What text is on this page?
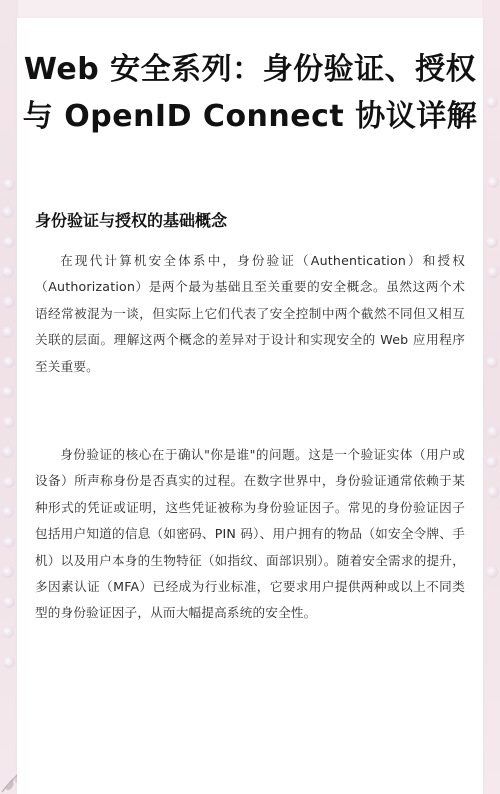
Web 安全系列：身份验证、授权与 OpenID Connect 协议详解
身份验证与授权的基础概念

在现代计算机安全体系中，身份验证（Authentication）和授权（Authorization）是两个最为基础且至关重要的安全概念。虽然这两个术语经常被混为一谈，但实际上它们代表了安全控制中两个截然不同但又相互关联的层面。理解这两个概念的差异对于设计和实现安全的 Web 应用程序至关重要。

身份验证的核心在于确认"你是谁"的问题。这是一个验证实体（用户或设备）所声称身份是否真实的过程。在数字世界中，身份验证通常依赖于某种形式的凭证或证明，这些凭证被称为身份验证因子。常见的身份验证因子包括用户知道的信息（如密码、PIN 码）、用户拥有的物品（如安全令牌、手机）以及用户本身的生物特征（如指纹、面部识别）。随着安全需求的提升，多因素认证（MFA）已经成为行业标准，它要求用户提供两种或以上不同类型的身份验证因子，从而大幅提高系统的安全性。
